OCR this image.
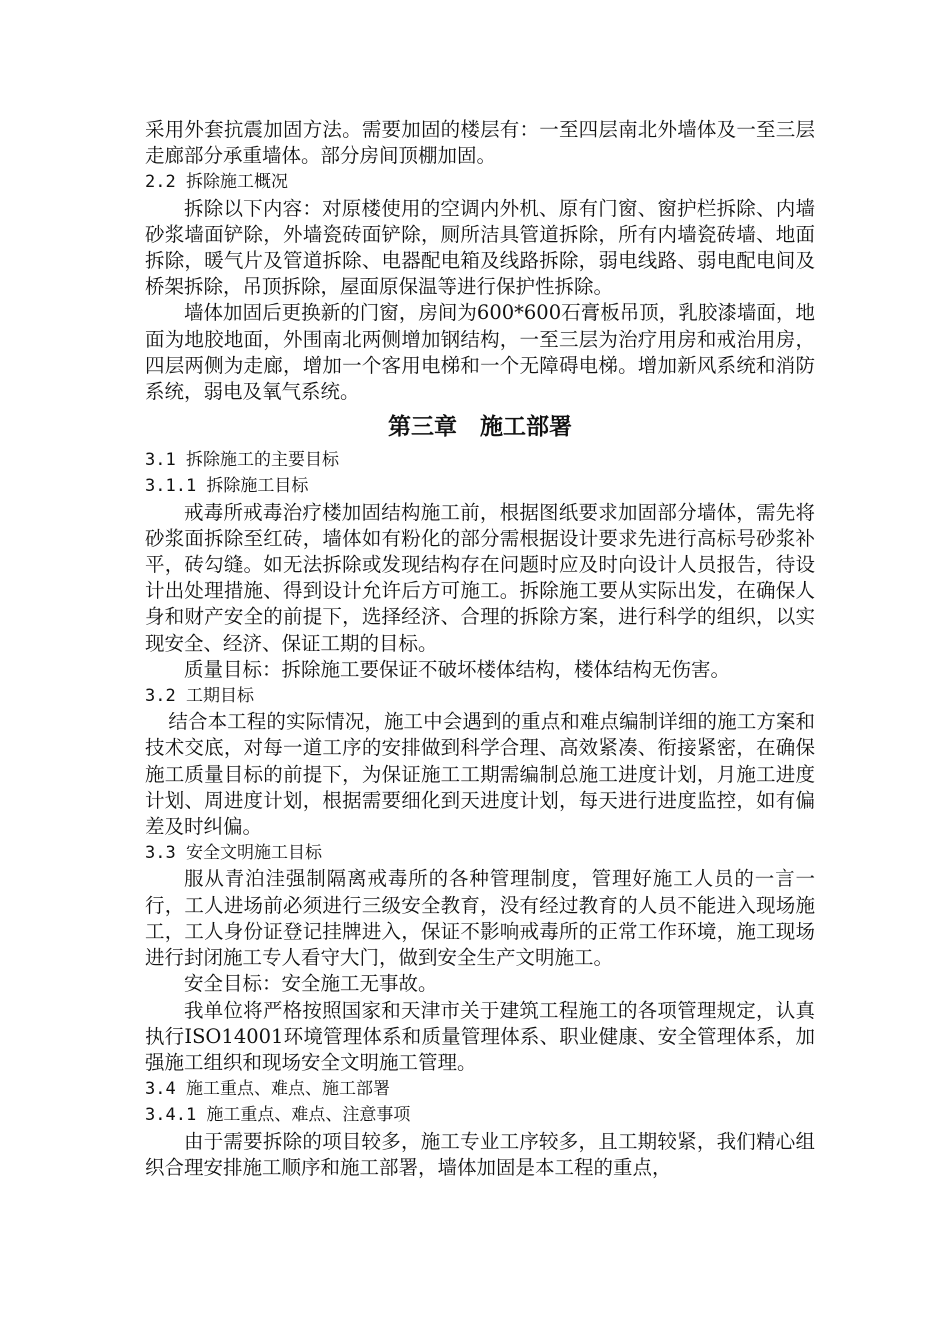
采用外套抗震加固方法。需要加固的楼层有：一至四层南北外墙体及一至三层走廊部分承重墙体。部分房间顶棚加固。

2.2 拆除施工概况

拆除以下内容：对原楼使用的空调内外机、原有门窗、窗护栏拆除、内墙砂浆墙面铲除，外墙瓷砖面铲除，厕所洁具管道拆除，所有内墙瓷砖墙、地面拆除，暖气片及管道拆除、电器配电箱及线路拆除，弱电线路、弱电配电间及桥架拆除，吊顶拆除，屋面原保温等进行保护性拆除。

墙体加固后更换新的门窗，房间为600*600石膏板吊顶，乳胶漆墙面，地面为地胶地面，外围南北两侧增加钢结构，一至三层为治疗用房和戒治用房，四层两侧为走廊，增加一个客用电梯和一个无障碍电梯。增加新风系统和消防系统，弱电及氧气系统。

第三章　施工部署

3.1 拆除施工的主要目标

3.1.1 拆除施工目标

戒毒所戒毒治疗楼加固结构施工前，根据图纸要求加固部分墙体，需先将砂浆面拆除至红砖，墙体如有粉化的部分需根据设计要求先进行高标号砂浆补平，砖勾缝。如无法拆除或发现结构存在问题时应及时向设计人员报告，待设计出处理措施、得到设计允许后方可施工。拆除施工要从实际出发，在确保人身和财产安全的前提下，选择经济、合理的拆除方案，进行科学的组织，以实现安全、经济、保证工期的目标。

质量目标：拆除施工要保证不破坏楼体结构，楼体结构无伤害。

3.2 工期目标

结合本工程的实际情况，施工中会遇到的重点和难点编制详细的施工方案和技术交底，对每一道工序的安排做到科学合理、高效紧凑、衔接紧密，在确保施工质量目标的前提下，为保证施工工期需编制总施工进度计划，月施工进度计划、周进度计划，根据需要细化到天进度计划，每天进行进度监控，如有偏差及时纠偏。

3.3 安全文明施工目标

服从青泊洼强制隔离戒毒所的各种管理制度，管理好施工人员的一言一行，工人进场前必须进行三级安全教育，没有经过教育的人员不能进入现场施工，工人身份证登记挂牌进入，保证不影响戒毒所的正常工作环境，施工现场进行封闭施工专人看守大门，做到安全生产文明施工。

安全目标：安全施工无事故。

我单位将严格按照国家和天津市关于建筑工程施工的各项管理规定，认真执行ISO14001环境管理体系和质量管理体系、职业健康、安全管理体系，加强施工组织和现场安全文明施工管理。

3.4 施工重点、难点、施工部署

3.4.1 施工重点、难点、注意事项

由于需要拆除的项目较多，施工专业工序较多，且工期较紧，我们精心组织合理安排施工顺序和施工部署，墙体加固是本工程的重点，
